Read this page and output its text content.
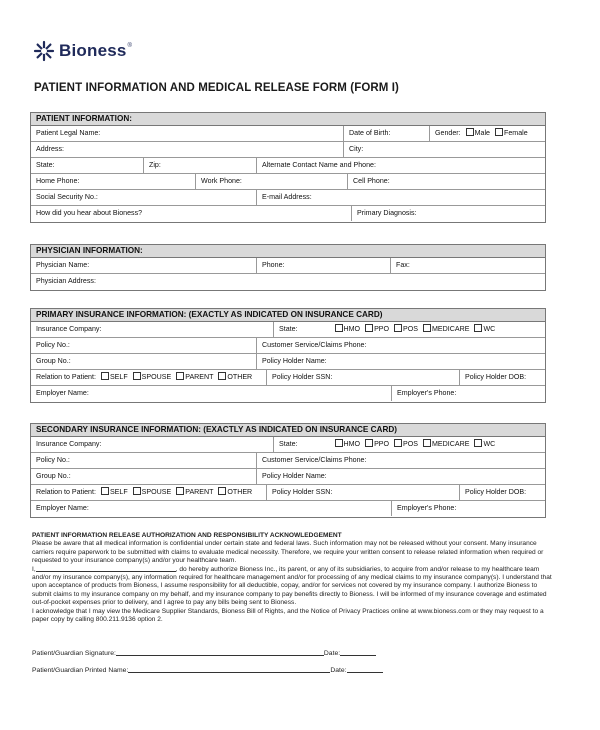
Bioness ®
PATIENT INFORMATION AND MEDICAL RELEASE FORM (FORM I)
PATIENT INFORMATION:
Patient Legal Name:	Date of Birth:	Gender: Male Female
Address:	City:
State:	Zip:	Alternate Contact Name and Phone:
Home Phone:	Work Phone:	Cell Phone:
Social Security No.:	E-mail Address:
How did you hear about Bioness?	Primary Diagnosis:
PHYSICIAN INFORMATION:
Physician Name:	Phone:	Fax:
Physician Address:
PRIMARY INSURANCE INFORMATION: (EXACTLY AS INDICATED ON INSURANCE CARD)
Insurance Company:	State:	HMO PPO POS MEDICARE WC
Policy No.:	Customer Service/Claims Phone:
Group No.:	Policy Holder Name:
Relation to Patient: SELF SPOUSE PARENT OTHER	Policy Holder SSN:	Policy Holder DOB:
Employer Name:	Employer's Phone:
SECONDARY INSURANCE INFORMATION: (EXACTLY AS INDICATED ON INSURANCE CARD)
Insurance Company:	State:	HMO PPO POS MEDICARE WC
Policy No.:	Customer Service/Claims Phone:
Group No.:	Policy Holder Name:
Relation to Patient: SELF SPOUSE PARENT OTHER	Policy Holder SSN:	Policy Holder DOB:
Employer Name:	Employer's Phone:

PATIENT INFORMATION RELEASE AUTHORIZATION AND RESPONSIBILITY ACKNOWLEDGEMENT

Please be aware that all medical information is confidential under certain state and federal laws. Such information may not be released without your consent. Many insurance carriers require paperwork to be submitted with claims to evaluate medical necessity. Therefore, we require your written consent to release related information when required or requested to your insurance company(s) and/or your healthcare team.

I,	, do hereby authorize Bioness Inc., its parent, or any of its subsidiaries, to acquire from and/or release to my healthcare team and/or my insurance company(s), any information required for healthcare management and/or for processing of any medical claims to my insurance company(s). I understand that upon acceptance of products from Bioness, I assume responsibility for all deductible, copay, and/or for services not covered by my insurance company. I authorize Bioness to submit claims to my insurance company on my behalf, and my insurance company to pay benefits directly to Bioness. I will be informed of my insurance coverage and estimated out-of-pocket expenses prior to delivery, and I agree to pay any bills being sent to Bioness.

I acknowledge that I may view the Medicare Supplier Standards, Bioness Bill of Rights, and the Notice of Privacy Practices online at www.bioness.com or they may request to a paper copy by calling 800.211.9136 option 2.

Patient/Guardian Signature:	Date:
Patient/Guardian Printed Name:	Date:
